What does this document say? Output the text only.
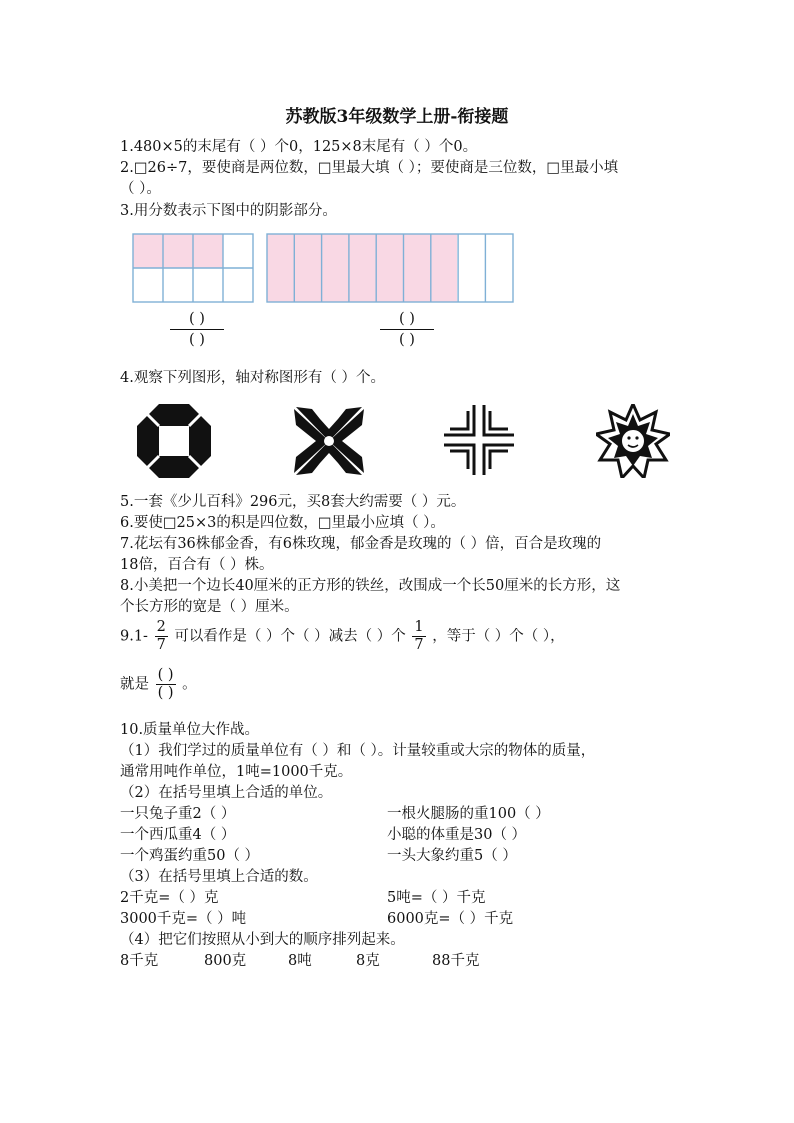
苏教版3年级数学上册-衔接题
1.480×5的末尾有（ ）个0，125×8末尾有（ ）个0。
2.□26÷7，要使商是两位数，□里最大填（ ）；要使商是三位数，□里最小填
（ ）。
3.用分数表示下图中的阴影部分。
( )
( )
( )
( )
4.观察下列图形，轴对称图形有（ ）个。
5.一套《少儿百科》296元，买8套大约需要（ ）元。
6.要使□25×3的积是四位数，□里最小应填（ ）。
7.花坛有36株郁金香，有6株玫瑰，郁金香是玫瑰的（ ）倍，百合是玫瑰的
18倍，百合有（ ）株。
8.小美把一个边长40厘米的正方形的铁丝，改围成一个长50厘米的长方形，这
个长方形的宽是（ ）厘米。
$9.1- \frac{2}{7}$ 可以看作是（ ）个（ ）减去（ ）个 $\frac{1}{7}$ ，等于（ ）个（ ），
就是 $\frac{( )}{( )}$ 。
10.质量单位大作战。
（1）我们学过的质量单位有（ ）和（ ）。计量较重或大宗的物体的质量，
通常用吨作单位，1吨=1000千克。
（2）在括号里填上合适的单位。
一只兔子重2（ ）	一根火腿肠的重100（ ）
一个西瓜重4（ ）	小聪的体重是30（ ）
一个鸡蛋约重50（ ）	一头大象约重5（ ）
（3）在括号里填上合适的数。
2千克=（ ）克	5吨=（ ）千克
3000千克=（ ）吨	6000克=（ ）千克
（4）把它们按照从小到大的顺序排列起来。
8千克	800克	8吨	8克	88千克
